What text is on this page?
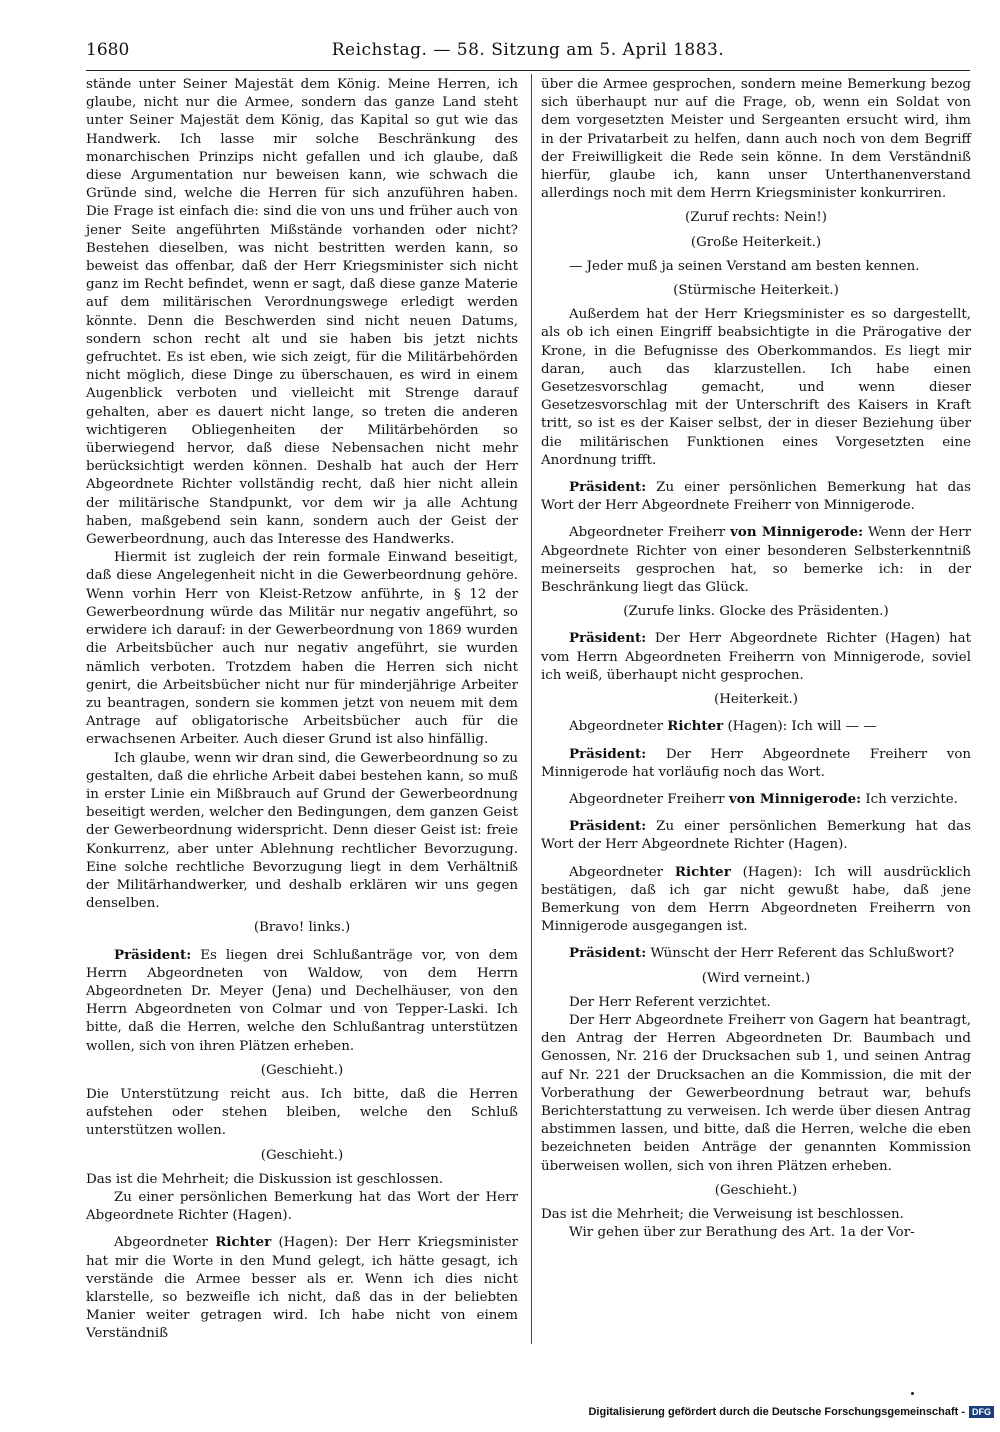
1680	Reichstag. — 58. Sitzung am 5. April 1883.

stände unter Seiner Majestät dem König. Meine Herren, ich glaube, nicht nur die Armee, sondern das ganze Land steht unter Seiner Majestät dem König, das Kapital so gut wie das Handwerk. Ich lasse mir solche Beschränkung des monarchischen Prinzips nicht gefallen und ich glaube, daß diese Argumentation nur beweisen kann, wie schwach die Gründe sind, welche die Herren für sich anzuführen haben. Die Frage ist einfach die: sind die von uns und früher auch von jener Seite angeführten Mißstände vorhanden oder nicht? Bestehen dieselben, was nicht bestritten werden kann, so beweist das offenbar, daß der Herr Kriegsminister sich nicht ganz im Recht befindet, wenn er sagt, daß diese ganze Materie auf dem militärischen Verordnungswege erledigt werden könnte. Denn die Beschwerden sind nicht neuen Datums, sondern schon recht alt und sie haben bis jetzt nichts gefruchtet. Es ist eben, wie sich zeigt, für die Militärbehörden nicht möglich, diese Dinge zu überschauen, es wird in einem Augenblick verboten und vielleicht mit Strenge darauf gehalten, aber es dauert nicht lange, so treten die anderen wichtigeren Obliegenheiten der Militärbehörden so überwiegend hervor, daß diese Nebensachen nicht mehr berücksichtigt werden können. Deshalb hat auch der Herr Abgeordnete Richter vollständig recht, daß hier nicht allein der militärische Standpunkt, vor dem wir ja alle Achtung haben, maßgebend sein kann, sondern auch der Geist der Gewerbeordnung, auch das Interesse des Handwerks.

Hiermit ist zugleich der rein formale Einwand beseitigt, daß diese Angelegenheit nicht in die Gewerbeordnung gehöre. Wenn vorhin Herr von Kleist-Retzow anführte, in § 12 der Gewerbeordnung würde das Militär nur negativ angeführt, so erwidere ich darauf: in der Gewerbeordnung von 1869 wurden die Arbeitsbücher auch nur negativ angeführt, sie wurden nämlich verboten. Trotzdem haben die Herren sich nicht genirt, die Arbeitsbücher nicht nur für minderjährige Arbeiter zu beantragen, sondern sie kommen jetzt von neuem mit dem Antrage auf obligatorische Arbeitsbücher auch für die erwachsenen Arbeiter. Auch dieser Grund ist also hinfällig.

Ich glaube, wenn wir dran sind, die Gewerbeordnung so zu gestalten, daß die ehrliche Arbeit dabei bestehen kann, so muß in erster Linie ein Mißbrauch auf Grund der Gewerbeordnung beseitigt werden, welcher den Bedingungen, dem ganzen Geist der Gewerbeordnung widerspricht. Denn dieser Geist ist: freie Konkurrenz, aber unter Ablehnung rechtlicher Bevorzugung. Eine solche rechtliche Bevorzugung liegt in dem Verhältniß der Militärhandwerker, und deshalb erklären wir uns gegen denselben.

(Bravo! links.)

Präsident: Es liegen drei Schlußanträge vor, von dem Herrn Abgeordneten von Waldow, von dem Herrn Abgeordneten Dr. Meyer (Jena) und Dechelhäuser, von den Herrn Abgeordneten von Colmar und von Tepper-Laski. Ich bitte, daß die Herren, welche den Schlußantrag unterstützen wollen, sich von ihren Plätzen erheben.

(Geschieht.)

Die Unterstützung reicht aus. Ich bitte, daß die Herren aufstehen oder stehen bleiben, welche den Schluß unterstützen wollen.

(Geschieht.)

Das ist die Mehrheit; die Diskussion ist geschlossen.

Zu einer persönlichen Bemerkung hat das Wort der Herr Abgeordnete Richter (Hagen).

Abgeordneter Richter (Hagen): Der Herr Kriegsminister hat mir die Worte in den Mund gelegt, ich hätte gesagt, ich verstände die Armee besser als er. Wenn ich dies nicht klarstelle, so bezweifle ich nicht, daß das in der beliebten Manier weiter getragen wird. Ich habe nicht von einem Verständniß

über die Armee gesprochen, sondern meine Bemerkung bezog sich überhaupt nur auf die Frage, ob, wenn ein Soldat von dem vorgesetzten Meister und Sergeanten ersucht wird, ihm in der Privatarbeit zu helfen, dann auch noch von dem Begriff der Freiwilligkeit die Rede sein könne. In dem Verständniß hierfür, glaube ich, kann unser Unterthanenverstand allerdings noch mit dem Herrn Kriegsminister konkurriren.

(Zuruf rechts: Nein!)

(Große Heiterkeit.)

— Jeder muß ja seinen Verstand am besten kennen.

(Stürmische Heiterkeit.)

Außerdem hat der Herr Kriegsminister es so dargestellt, als ob ich einen Eingriff beabsichtigte in die Prärogative der Krone, in die Befugnisse des Oberkommandos. Es liegt mir daran, auch das klarzustellen. Ich habe einen Gesetzesvorschlag gemacht, und wenn dieser Gesetzesvorschlag mit der Unterschrift des Kaisers in Kraft tritt, so ist es der Kaiser selbst, der in dieser Beziehung über die militärischen Funktionen eines Vorgesetzten eine Anordnung trifft.

Präsident: Zu einer persönlichen Bemerkung hat das Wort der Herr Abgeordnete Freiherr von Minnigerode.

Abgeordneter Freiherr von Minnigerode: Wenn der Herr Abgeordnete Richter von einer besonderen Selbsterkenntniß meinerseits gesprochen hat, so bemerke ich: in der Beschränkung liegt das Glück.

(Zurufe links. Glocke des Präsidenten.)

Präsident: Der Herr Abgeordnete Richter (Hagen) hat vom Herrn Abgeordneten Freiherrn von Minnigerode, soviel ich weiß, überhaupt nicht gesprochen.

(Heiterkeit.)

Abgeordneter Richter (Hagen): Ich will — —

Präsident: Der Herr Abgeordnete Freiherr von Minnigerode hat vorläufig noch das Wort.

Abgeordneter Freiherr von Minnigerode: Ich verzichte.

Präsident: Zu einer persönlichen Bemerkung hat das Wort der Herr Abgeordnete Richter (Hagen).

Abgeordneter Richter (Hagen): Ich will ausdrücklich bestätigen, daß ich gar nicht gewußt habe, daß jene Bemerkung von dem Herrn Abgeordneten Freiherrn von Minnigerode ausgegangen ist.

Präsident: Wünscht der Herr Referent das Schlußwort?

(Wird verneint.)

Der Herr Referent verzichtet.

Der Herr Abgeordnete Freiherr von Gagern hat beantragt, den Antrag der Herren Abgeordneten Dr. Baumbach und Genossen, Nr. 216 der Drucksachen sub 1, und seinen Antrag auf Nr. 221 der Drucksachen an die Kommission, die mit der Vorberathung der Gewerbeordnung betraut war, behufs Berichterstattung zu verweisen. Ich werde über diesen Antrag abstimmen lassen, und bitte, daß die Herren, welche die eben bezeichneten beiden Anträge der genannten Kommission überweisen wollen, sich von ihren Plätzen erheben.

(Geschieht.)

Das ist die Mehrheit; die Verweisung ist beschlossen.

Wir gehen über zur Berathung des Art. 1a der Vor-

Digitalisierung gefördert durch die Deutsche Forschungsgemeinschaft - DFG
